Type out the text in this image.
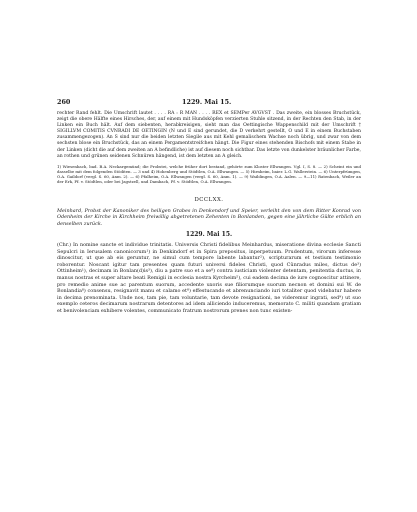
260	1229. Mai 15.

rechter Rand fehlt. Die Umschrift lautet . . . . RA : R MAN . . . . REX et SEMPer AVGVST . Das zweite, ein blosses Bruchstück, zeigt die obere Hälfte eines Hirsches, der, auf einem mit Hundsköpfen verzierten Stuhle sitzend, in der Rechten den Stab, in der Linken ein Buch hält. Auf dem siebenten, herabkreisigen, sieht man das Oettingische Wappenschild mit der Umschrift † SIGILLVM COMITIS CVNRADI DE OETINGIN (N und E sind gerundet, die D verkehrt gestellt, O und E in einem Buchstaben zusammengezogen). An S sind nur die beiden letzten Siegile aus mit Kehl gemalischem Wachse noch übrig, und zwar von dem sechsten blose ein Bruchstück, das an einem Pergamentstreifchen hängt. Die Figur eines stehenden Bischofs mit einem Stabe in der Linken (dicht die auf dem zweiten an A befindliche) ist auf diesem noch sichtbar. Das letzte von dunkelster bräunlicher Farbe, an rothen und grünen seidenen Schnüren hängend, ist dem letzten an A gleich.

1) Wiesenbach, bad. B.A. Neckargemünd; die Probstei, welche früher dort bestand, gehörte zum Kloster Ellwangen. Vgl. I, S. 8. — 2) Scheint ein und dasselbe mit dem folgenden Stöditen. — 3 und 4) Hohenberg und Stödtlen, O.A. Ellwangen. — 5) Hirnheim, baier. L.G. Wallerstein. — 6) Unterpfrümgen, O.A. Gaildorf (vergl. S. 60, Anm. 2). — 6) Pfalheim, O.A. Ellwangen (vergl. S. 60, Anm. 1). — 9) Waiblingen, O.A. Aalen. — 9—11) Ratenbach, Weiler an der Erk, Pf. v. Stödtlen, oder bei Jagstzell, und Dambach, Pf. v. Stödtlen, O.A. Ellwangen.

DCCLXX.

Meinhard, Probst der Kanoniker des heiligen Grabes in Denkendorf und Speier, verleiht den von dem Ritter Konrad von Odenheim der Kirche in Kirchheim freiwillig abgetretenen Zehenten in Bonlanden, gegen eine jährliche Gülte erblich an denselben zurück.

1229. Mai 15.

(Chr.) In nomine sancte et individue trinitatis. Universis Christi fidelibus Meinhardus, miseratione divina ecclesie Sancti Sepulcri in Ierusalem canonicorum¹) in Denkindorf et in Spira prepositus, inperpetuum. Prudentum, virorum inferesse dinoscitur, ut que ab eis geruntur, ne simul cum tempore labente labantur²), scripturarum et testium testimonio roborentur. Noscant igitur tam presentes quam futuri universi fideles Christi, quod Cûnradus miles, dictus de³) Ottinheim¹), decimam in Bonlan(d)is³), diu a patre suo et a se⁸) contra iusticiam violenter detentam, penitentia ductus, in manus nostras et super altare beati Remigii in ecclesia nostra Kyrcheim⁵), cui eadem decima de iure cognoscitur attinere, pro remedio anime sue ac parentum suorum, accedente uxoris sue filiorumque suorum necnon et domini sui W. de Bonlandia⁸) consensu, resignavit manu et calamo et⁸) effestucando et abrenunciando iuri totaliter quod videbatur habere in decima prenominata. Unde nos, tam pie, tam voluntarie, tam devote resignationi, ne videremur ingrati, sed⁹) ut suo exemplo ceteros decimarum nostrarum detentores ad idem alliciendo induceremus, memorato C. militi quandam gratiam et benivolenciam exhibere volentes, communicato fratrum nostrorum prenes non tunc existen-
